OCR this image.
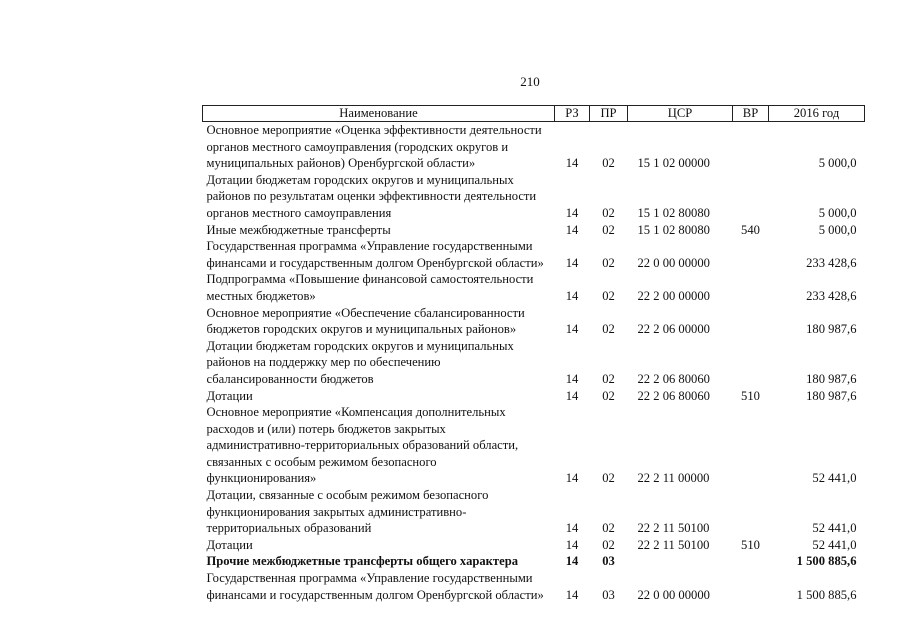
210
Наименование	РЗ	ПР	ЦСР	ВР	2016 год

Основное мероприятие «Оценка эффективности деятельности
органов местного самоуправления (городских округов и
муниципальных районов) Оренбургской области»	14	02	15 1 02 00000		5 000,0

Дотации бюджетам городских округов и муниципальных
районов по результатам оценки эффективности деятельности
органов местного самоуправления	14	02	15 1 02 80080		5 000,0

Иные межбюджетные трансферты	14	02	15 1 02 80080	540	5 000,0

Государственная программа «Управление государственными
финансами и государственным долгом Оренбургской области»	14	02	22 0 00 00000		233 428,6

Подпрограмма «Повышение финансовой самостоятельности
местных бюджетов»	14	02	22 2 00 00000		233 428,6

Основное мероприятие «Обеспечение сбалансированности
бюджетов городских округов и муниципальных районов»	14	02	22 2 06 00000		180 987,6

Дотации бюджетам городских округов и муниципальных
районов на поддержку мер по обеспечению
сбалансированности бюджетов	14	02	22 2 06 80060		180 987,6

Дотации	14	02	22 2 06 80060	510	180 987,6

Основное мероприятие «Компенсация дополнительных
расходов и (или) потерь бюджетов закрытых
административно-территориальных образований области,
связанных с особым режимом безопасного
функционирования»	14	02	22 2 11 00000		52 441,0

Дотации, связанные с особым режимом безопасного
функционирования закрытых административно-
территориальных образований	14	02	22 2 11 50100		52 441,0

Дотации	14	02	22 2 11 50100	510	52 441,0

Прочие межбюджетные трансферты общего характера	14	03			1 500 885,6

Государственная программа «Управление государственными
финансами и государственным долгом Оренбургской области»	14	03	22 0 00 00000		1 500 885,6
